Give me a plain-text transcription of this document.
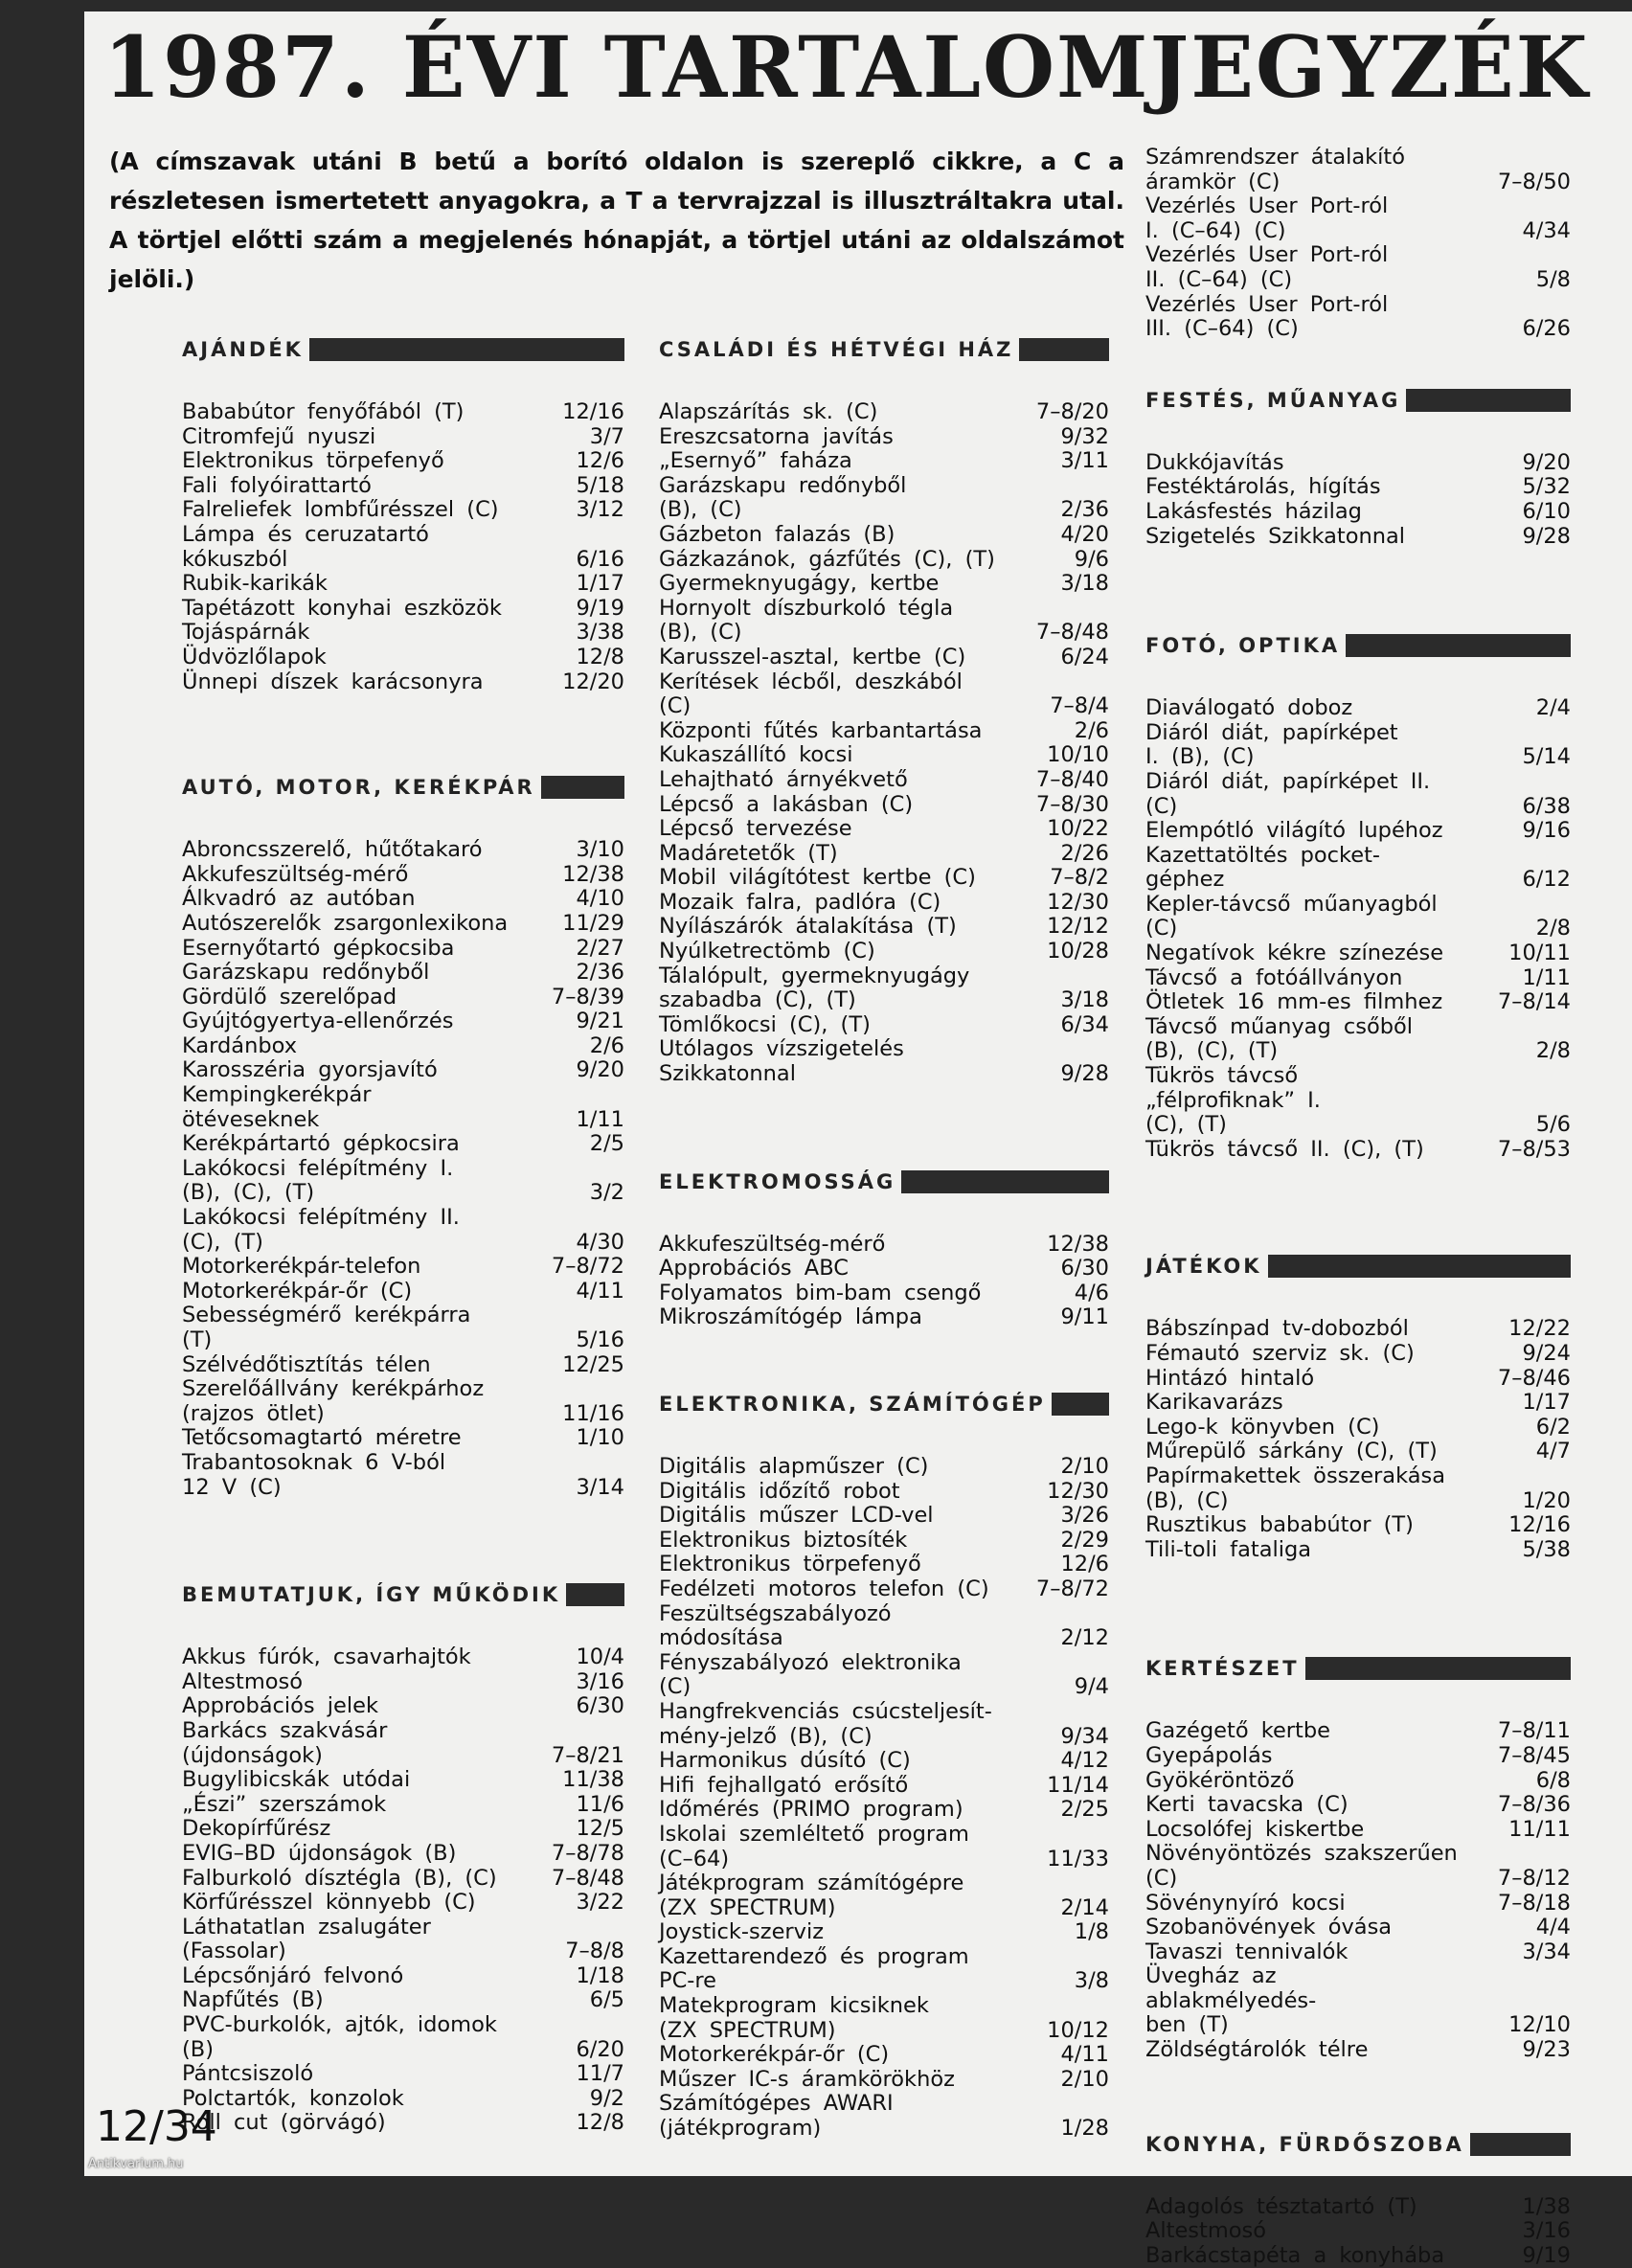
1987. ÉVI TARTALOMJEGYZÉK
(A címszavak utáni B betű a borító oldalon is szereplő cikkre, a C a részletesen ismertetett anyagokra, a T a tervrajzzal is illusztráltakra utal. A törtjel előtti szám a megjelenés hónapját, a törtjel utáni az oldalszámot jelöli.)
AJÁNDÉK
Bababútor fenyőfából (T)	12/16
Citromfejű nyuszi	3/7
Elektronikus törpefenyő	12/6
Fali folyóirattartó	5/18
Falreliefek lombfűrésszel (C)	3/12
Lámpa és ceruzatartó
kókuszból	6/16
Rubik-karikák	1/17
Tapétázott konyhai eszközök	9/19
Tojáspárnák	3/38
Üdvözlőlapok	12/8
Ünnepi díszek karácsonyra	12/20
AUTÓ, MOTOR, KERÉKPÁR
Abroncsszerelő, hűtőtakaró	3/10
Akkufeszültség-mérő	12/38
Álkvadró az autóban	4/10
Autószerelők zsargonlexikona	11/29
Esernyőtartó gépkocsiba	2/27
Garázskapu redőnyből	2/36
Gördülő szerelőpad	7–8/39
Gyújtógyertya-ellenőrzés	9/21
Kardánbox	2/6
Karosszéria gyorsjavító	9/20
Kempingkerékpár ötéveseknek	1/11
Kerékpártartó gépkocsira	2/5
Lakókocsi felépítmény I.
(B), (C), (T)	3/2
Lakókocsi felépítmény II.
(C), (T)	4/30
Motorkerékpár-telefon	7–8/72
Motorkerékpár-őr (C)	4/11
Sebességmérő kerékpárra (T)	5/16
Szélvédőtisztítás télen	12/25
Szerelőállvány kerékpárhoz
(rajzos ötlet)	11/16
Tetőcsomagtartó méretre	1/10
Trabantosoknak 6 V-ból
12 V (C)	3/14
BEMUTATJUK, ÍGY MŰKÖDIK
Akkus fúrók, csavarhajtók	10/4
Altestmosó	3/16
Approbációs jelek	6/30
Barkács szakvásár
(újdonságok)	7–8/21
Bugylibicskák utódai	11/38
„Észi” szerszámok	11/6
Dekopírfűrész	12/5
EVIG–BD újdonságok (B)	7–8/78
Falburkoló dísztégla (B), (C)	7–8/48
Körfűrésszel könnyebb (C)	3/22
Láthatatlan zsalugáter
(Fassolar)	7–8/8
Lépcsőnjáró felvonó	1/18
Napfűtés (B)	6/5
PVC-burkolók, ajtók, idomok (B)	6/20
Pántcsiszoló	11/7
Polctartók, konzolok	9/2
Roll cut (görvágó)	12/8
CSALÁDI ÉS HÉTVÉGI HÁZ
Alapszárítás sk. (C)	7–8/20
Ereszcsatorna javítás	9/32
„Esernyő” faháza	3/11
Garázskapu redőnyből
(B), (C)	2/36
Gázbeton falazás (B)	4/20
Gázkazánok, gázfűtés (C), (T)	9/6
Gyermeknyugágy, kertbe	3/18
Hornyolt díszburkoló tégla
(B), (C)	7–8/48
Karusszel-asztal, kertbe (C)	6/24
Kerítések lécből, deszkából (C)	7–8/4
Központi fűtés karbantartása	2/6
Kukaszállító kocsi	10/10
Lehajtható árnyékvető	7–8/40
Lépcső a lakásban (C)	7–8/30
Lépcső tervezése	10/22
Madáretetők (T)	2/26
Mobil világítótest kertbe (C)	7–8/2
Mozaik falra, padlóra (C)	12/30
Nyílászárók átalakítása (T)	12/12
Nyúlketrectömb (C)	10/28
Tálalópult, gyermeknyugágy
szabadba (C), (T)	3/18
Tömlőkocsi (C), (T)	6/34
Utólagos vízszigetelés
Szikkatonnal	9/28
ELEKTROMOSSÁG
Akkufeszültség-mérő	12/38
Approbációs ABC	6/30
Folyamatos bim-bam csengő	4/6
Mikroszámítógép lámpa	9/11
ELEKTRONIKA, SZÁMÍTÓGÉP
Digitális alapműszer (C)	2/10
Digitális időzítő robot	12/30
Digitális műszer LCD-vel	3/26
Elektronikus biztosíték	2/29
Elektronikus törpefenyő	12/6
Fedélzeti motoros telefon (C)	7–8/72
Feszültségszabályozó
módosítása	2/12
Fényszabályozó elektronika (C)	9/4
Hangfrekvenciás csúcsteljesít-
mény-jelző (B), (C)	9/34
Harmonikus dúsító (C)	4/12
Hifi fejhallgató erősítő	11/14
Időmérés (PRIMO program)	2/25
Iskolai szemléltető program
(C–64)	11/33
Játékprogram számítógépre
(ZX SPECTRUM)	2/14
Joystick-szerviz	1/8
Kazettarendező és program
PC-re	3/8
Matekprogram kicsiknek
(ZX SPECTRUM)	10/12
Motorkerékpár-őr (C)	4/11
Műszer IC-s áramkörökhöz	2/10
Számítógépes AWARI
(játékprogram)	1/28
Számrendszer átalakító
áramkör (C)	7–8/50
Vezérlés User Port-ról
I. (C–64) (C)	4/34
Vezérlés User Port-ról
II. (C–64) (C)	5/8
Vezérlés User Port-ról
III. (C–64) (C)	6/26
FESTÉS, MŰANYAG
Dukkójavítás	9/20
Festéktárolás, hígítás	5/32
Lakásfestés házilag	6/10
Szigetelés Szikkatonnal	9/28
FOTÓ, OPTIKA
Diaválogató doboz	2/4
Diáról diát, papírképet
I. (B), (C)	5/14
Diáról diát, papírképet II. (C)	6/38
Elempótló világító lupéhoz	9/16
Kazettatöltés pocket-géphez	6/12
Kepler-távcső műanyagból (C)	2/8
Negatívok kékre színezése	10/11
Távcső a fotóállványon	1/11
Ötletek 16 mm-es filmhez	7–8/14
Távcső műanyag csőből
(B), (C), (T)	2/8
Tükrös távcső „félprofiknak” I.
(C), (T)	5/6
Tükrös távcső II. (C), (T)	7–8/53
JÁTÉKOK
Bábszínpad tv-dobozból	12/22
Fémautó szerviz sk. (C)	9/24
Hintázó hintaló	7–8/46
Karikavarázs	1/17
Lego-k könyvben (C)	6/2
Műrepülő sárkány (C), (T)	4/7
Papírmakettek összerakása
(B), (C)	1/20
Rusztikus bababútor (T)	12/16
Tili-toli fataliga	5/38
KERTÉSZET
Gazégető kertbe	7–8/11
Gyepápolás	7–8/45
Gyökéröntöző	6/8
Kerti tavacska (C)	7–8/36
Locsolófej kiskertbe	11/11
Növényöntözés szakszerűen (C)	7–8/12
Sövénynyíró kocsi	7–8/18
Szobanövények óvása	4/4
Tavaszi tennivalók	3/34
Üvegház az ablakmélyedés-
ben (T)	12/10
Zöldségtárolók télre	9/23
KONYHA, FÜRDŐSZOBA
Adagolós tésztatartó (T)	1/38
Altestmosó	3/16
Barkácstapéta a konyhába	9/19
12/34
Antikvarium.hu
